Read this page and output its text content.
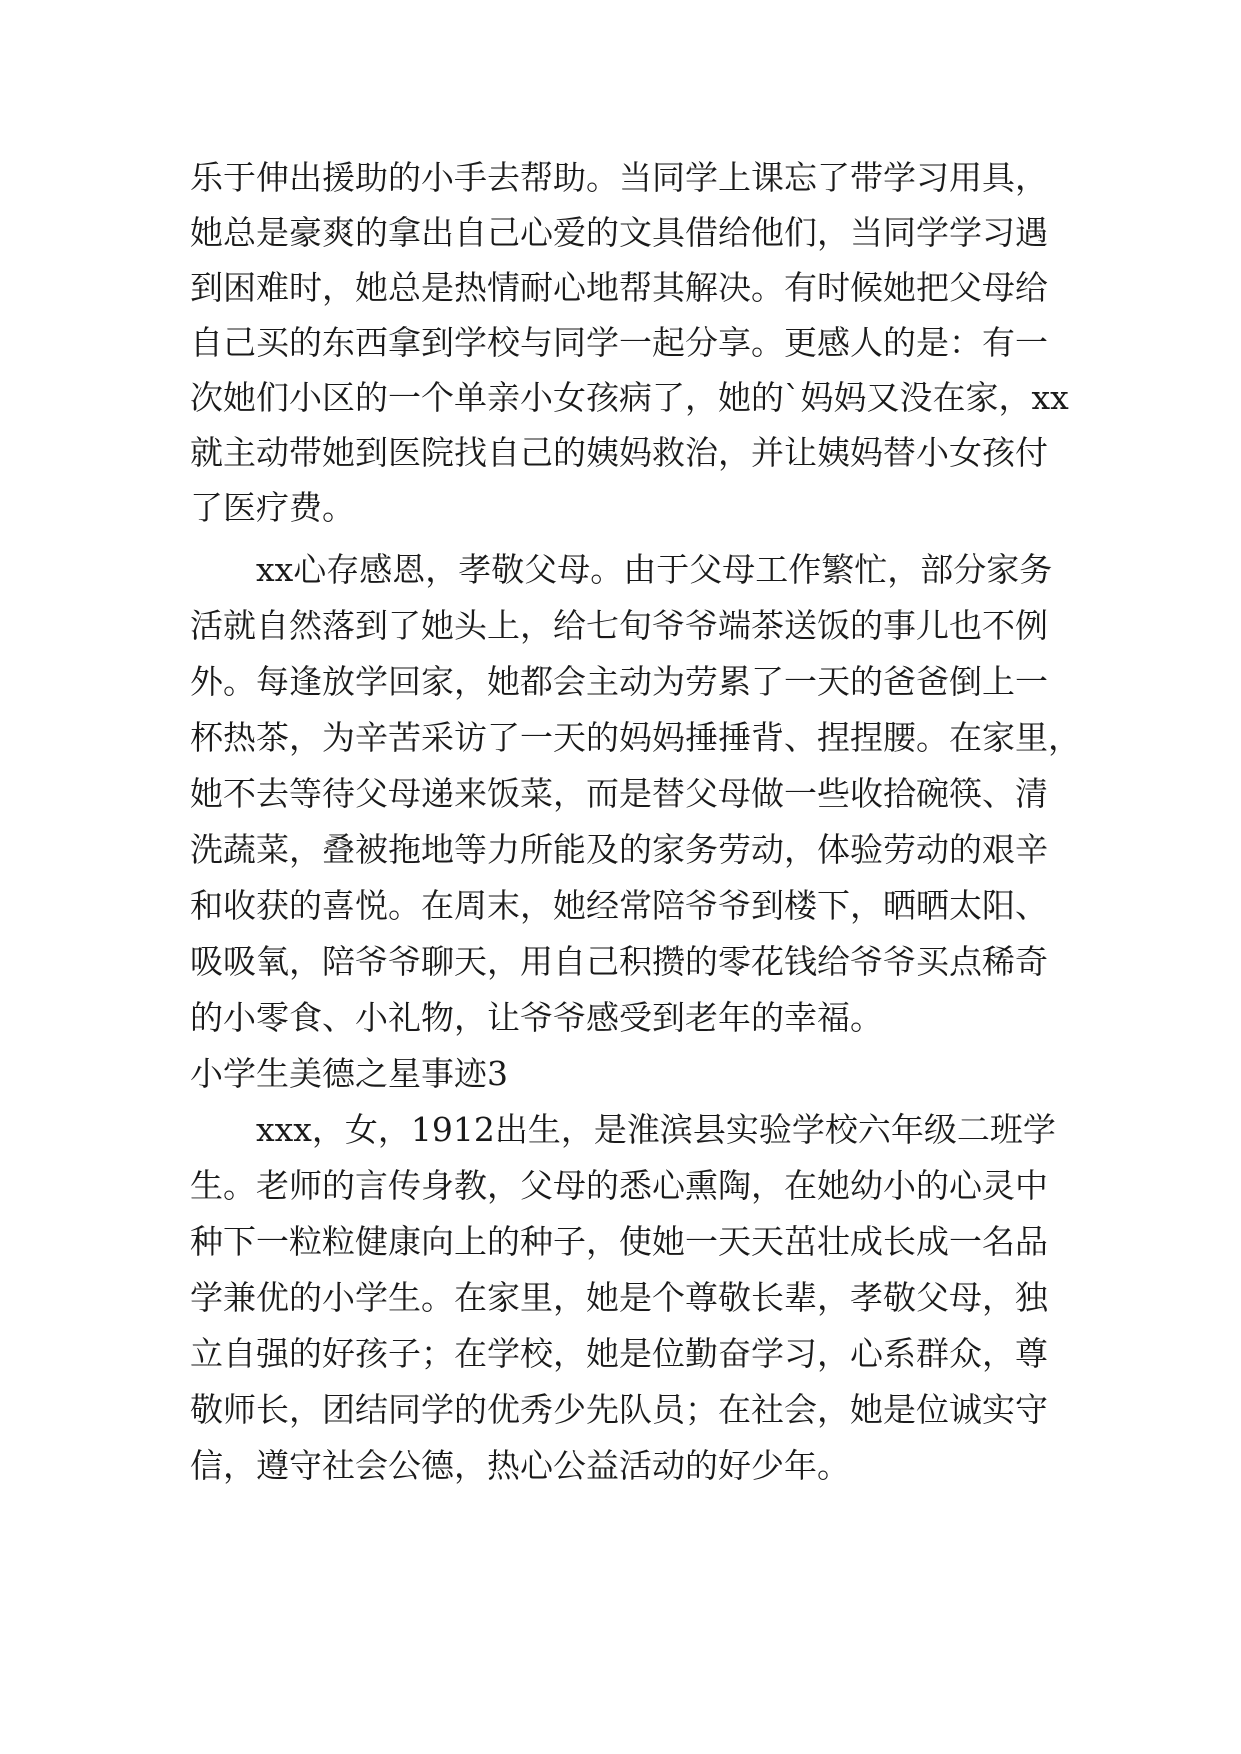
乐于伸出援助的小手去帮助。当同学上课忘了带学习用具，
她总是豪爽的拿出自己心爱的文具借给他们，当同学学习遇
到困难时，她总是热情耐心地帮其解决。有时候她把父母给
自己买的东西拿到学校与同学一起分享。更感人的是：有一
次她们小区的一个单亲小女孩病了，她的`妈妈又没在家，xx
就主动带她到医院找自己的姨妈救治，并让姨妈替小女孩付
了医疗费。
xx心存感恩，孝敬父母。由于父母工作繁忙，部分家务
活就自然落到了她头上，给七旬爷爷端茶送饭的事儿也不例
外。每逢放学回家，她都会主动为劳累了一天的爸爸倒上一
杯热茶，为辛苦采访了一天的妈妈捶捶背、捏捏腰。在家里，
她不去等待父母递来饭菜，而是替父母做一些收拾碗筷、清
洗蔬菜，叠被拖地等力所能及的家务劳动，体验劳动的艰辛
和收获的喜悦。在周末，她经常陪爷爷到楼下，晒晒太阳、
吸吸氧，陪爷爷聊天，用自己积攒的零花钱给爷爷买点稀奇
的小零食、小礼物，让爷爷感受到老年的幸福。
小学生美德之星事迹3
xxx，女，1912出生，是淮滨县实验学校六年级二班学
生。老师的言传身教，父母的悉心熏陶，在她幼小的心灵中
种下一粒粒健康向上的种子，使她一天天茁壮成长成一名品
学兼优的小学生。在家里，她是个尊敬长辈，孝敬父母，独
立自强的好孩子；在学校，她是位勤奋学习，心系群众，尊
敬师长，团结同学的优秀少先队员；在社会，她是位诚实守
信，遵守社会公德，热心公益活动的好少年。
